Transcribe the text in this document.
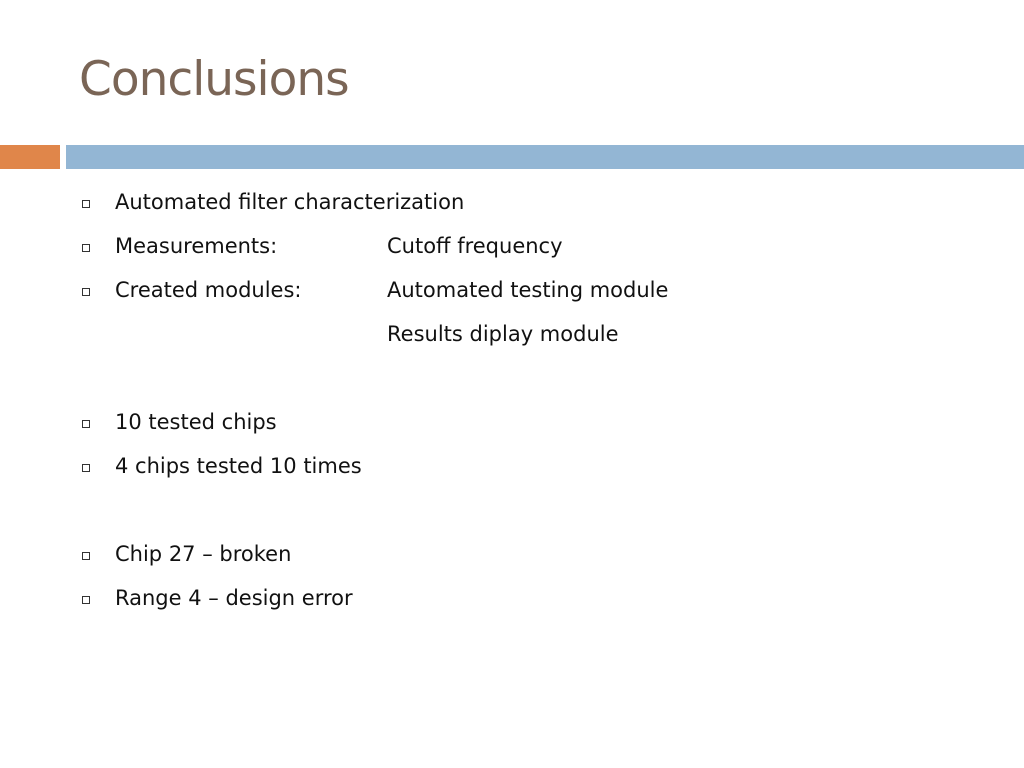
Conclusions
Automated filter characterization
Measurements:	Cutoff frequency
Created modules:	Automated testing module
Results diplay module
10 tested chips
4 chips tested 10 times
Chip 27 – broken
Range 4 – design error
